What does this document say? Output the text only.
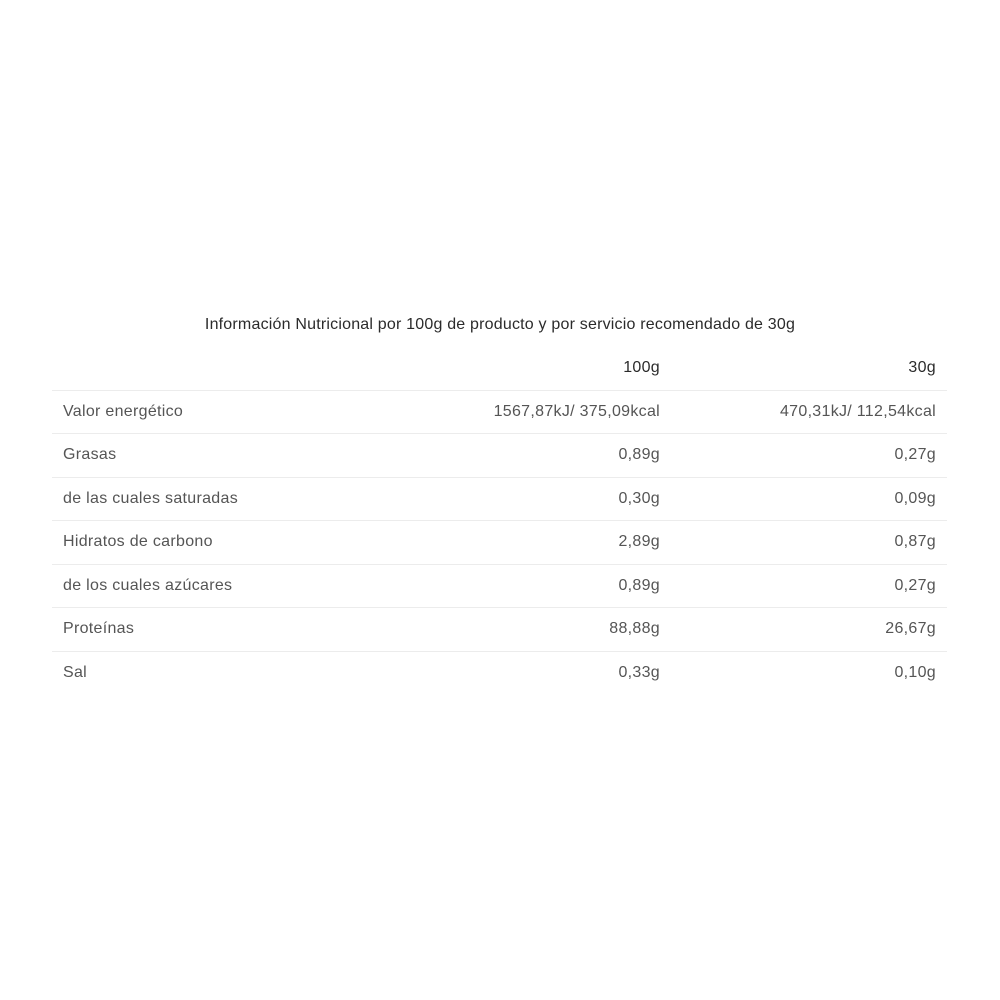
Información Nutricional por 100g de producto y por servicio recomendado de 30g
	100g	30g
Valor energético	1567,87kJ/ 375,09kcal	470,31kJ/ 112,54kcal
Grasas	0,89g	0,27g
de las cuales saturadas	0,30g	0,09g
Hidratos de carbono	2,89g	0,87g
de los cuales azúcares	0,89g	0,27g
Proteínas	88,88g	26,67g
Sal	0,33g	0,10g
